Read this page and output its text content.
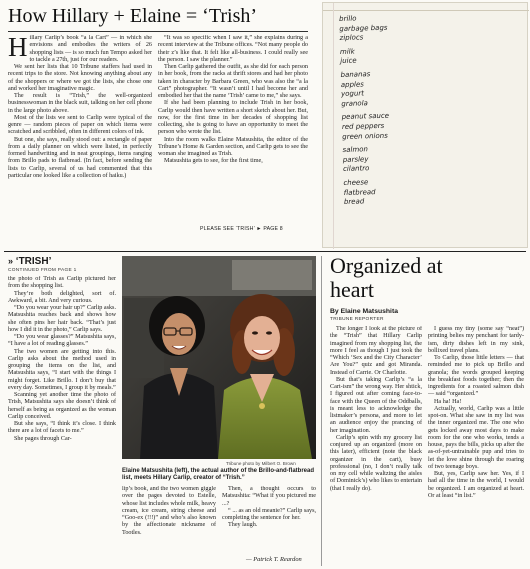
How Hillary + Elaine = ‘Trish’
H illary Carlip’s book “a la Cart” — in which she envisions and embodies the writers of 26 shopping lists — is so much fun Tempo asked her to tackle a 27th, just for our readers.

We sent her lists that 10 Tribune staffers had used in recent trips to the store. Not knowing anything about any of the shoppers or where we got the lists, she chose one and worked her imaginative magic.

The result is “Trish,” the well-organized businesswoman in the black suit, talking on her cell phone in the large photo above.

Most of the lists we sent to Carlip were typical of the genre — random pieces of paper on which items were scratched and scribbled, often in different colors of ink.

But one, she says, really stood out: a rectangle of paper from a daily planner on which were listed, in perfectly formed handwriting and in neat groupings, items ranging from Brillo pads to flatbread. (In fact, before sending the lists to Carlip, several of us had commented that this particular one looked like a collection of haiku.)

“It was so specific when I saw it,” she explains during a recent interview at the Tribune offices. “Not many people do their z’s like that. It felt like all-business. I could really see the person. I saw the planner.”

Then Carlip gathered the outfit, as she did for each person in her book, from the racks at thrift stores and had her photo taken in character by Barbara Green, who was also the “a la Cart” photographer. “It wasn’t until I had become her and embodied her that the name ‘Trish’ came to me,” she says.

If she had been planning to include Trish in her book, Carlip would then have written a short sketch about her. But, now, for the first time in her decades of shopping list collecting, she is going to have an opportunity to meet the person who wrote the list.

Into the room walks Elaine Matsushita, the editor of the Tribune’s Home & Garden section, and Carlip gets to see the woman she imagined as Trish.

Matsushita gets to see, for the first time,

PLEASE SEE ‘TRISH’ ► PAGE 8
brillo
garbage bags
ziplocs
milk
juice
bananas
apples
yogurt
granola
peanut sauce
red peppers
green onions
salmon
parsley
cilantro
cheese
flatbread
bread
» ‘TRISH’
CONTINUED FROM PAGE 1

the photo of Trish as Carlip pictured her from the shopping list.

They’re both delighted, sort of. Awkward, a bit. And very curious.

“Do you wear your hair up?” Carlip asks. Matsushita reaches back and shows how she often pins her hair back. “That’s just how I did it in the photo,” Carlip says.

“Do you wear glasses?” Matsushita says, “I have a lot of reading glasses.”

The two women are getting into this. Carlip asks about the method used in grouping the items on the list, and Matsushita says, “I start with the things I might forget. Like Brillo. I don’t buy that every day. Sometimes, I group it by meals.”

Scanning yet another time the photo of Trish, Matsushita says she doesn’t think of herself as being as organized as the woman Carlip conceived.

But she says, “I think it’s close. I think there are a lot of facets to me.”

She pages through Car-

Tribune photo by Milbert O. Brown
Elaine Matsushita (left), the actual author of the Brillo-and-flatbread list, meets Hillary Carlip, creator of “Trish.”

lip’s book, and the two women giggle over the pages devoted to Estelle, whose list includes whole milk, heavy cream, ice cream, string cheese and “Goo-ex (!!!)” and who’s also known by the affectionate nickname of Tootles.

Then, a thought occurs to Matsushita: “What if you pictured me ...?

“ ... as an old meanie?” Carlip says, completing the sentence for her.

They laugh.

— Patrick T. Reardon
Organized at heart
By Elaine Matsushita
TRIBUNE REPORTER

The longer I look at the picture of the “Trish” that Hillary Carlip imagined from my shopping list, the more I feel as though I just took the “Which ‘Sex and the City Character’ Are You?” quiz and got Miranda. Instead of Carrie. Or Charlotte.

But that’s taking Carlip’s “a la Cart-ism” the wrong way. Her shtick, I figured out after coming face-to-face with the Queen of the Oddballs, is meant less to acknowledge the listmaker’s persona, and more to let an audience enjoy the prancing of her imagination.

Carlip’s spin with my grocery list conjured up an organized (more on this later), efficient (note the black organizer in the cart), busy professional (no, I don’t really talk on my cell while waltzing the aisles of Dominick’s) who likes to entertain (that I really do).

I guess my tiny (some say “neat”) printing belies my penchant for tardy-ism, dirty dishes left in my sink, bollixed travel plans.

To Carlip, those little letters — that reminded me to pick up Brillo and granola; the words grouped keeping the breakfast foods together; then the ingredients for a roasted salmon dish — said “organized.”

Ha ha! Ha!

Actually, world, Carlip was a little spot-on. What she saw in my list was the inner organized me. The one who gets locked away most days to make room for the one who works, tends a house, pays the bills, picks up after the as-of-yet-untrainable pup and tries to let the love shine through the roaring of two teenage boys.

But, yes, Carlip saw her. Yes, if I had all the time in the world, I would be organized. I am organized at heart. Or at least “in list.”
